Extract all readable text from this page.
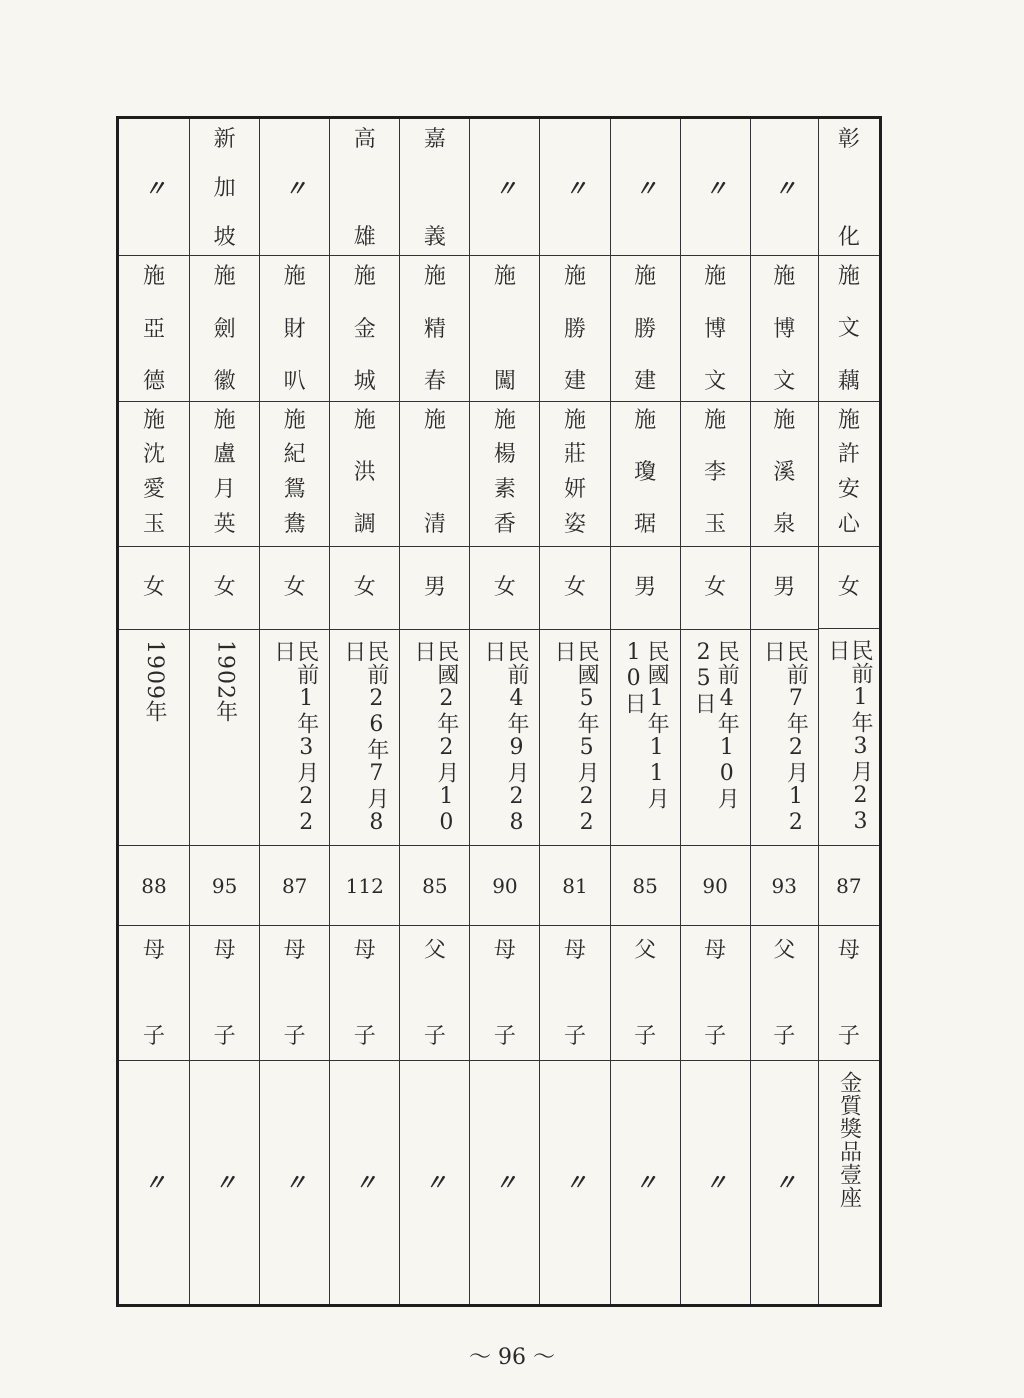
彰
化
施
文
藕
施
許
安
心
女
民前1年3月23日
87
母
子
金質獎品壹座
〃
施
博
文
施
溪
泉
男
民前7年2月12日
93
父
子
〃
〃
施
博
文
施
李
玉
女
民前4年10月25日
90
母
子
〃
〃
施
勝
建
施
瓊
琚
男
民國1年11月10日
85
父
子
〃
〃
施
勝
建
施
莊
妍
姿
女
民國5年5月22日
81
母
子
〃
〃
施
闖
施
楊
素
香
女
民前4年9月28日
90
母
子
〃
嘉
義
施
精
春
施
清
男
民國2年2月10日
85
父
子
〃
高
雄
施
金
城
施
洪
調
女
民前26年7月8日
112
母
子
〃
〃
施
財
叭
施
紀
鴛
鴦
女
民前1年3月22日
87
母
子
〃
新
加
坡
施
劍
徽
施
盧
月
英
女
1902年
95
母
子
〃
〃
施
亞
德
施
沈
愛
玉
女
1909年
88
母
子
〃
～ 96 ～
